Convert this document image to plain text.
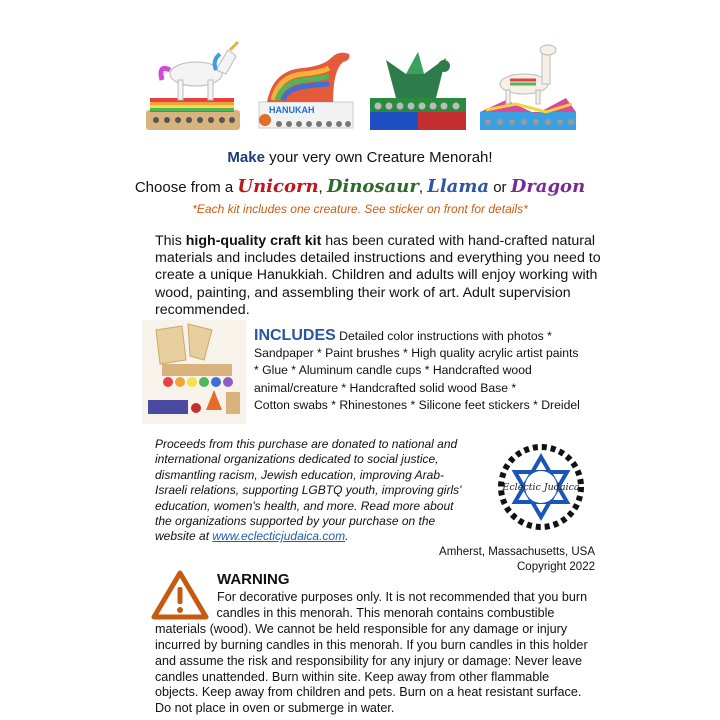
HANUKAH
Make your very own Creature Menorah!
Choose from a Unicorn, Dinosaur, Llama or Dragon
*Each kit includes one creature. See sticker on front for details*

This high-quality craft kit has been curated with hand-crafted natural

materials and includes detailed instructions and everything you need to

create a unique Hanukkiah. Children and adults will enjoy working with

wood, painting, and assembling their work of art. Adult supervision

recommended.

INCLUDES Detailed color instructions with photos *

Sandpaper * Paint brushes * High quality acrylic artist paints

* Glue * Aluminum candle cups * Handcrafted wood

animal/creature * Handcrafted solid wood Base *

Cotton swabs * Rhinestones * Silicone feet stickers * Dreidel

Proceeds from this purchase are donated to national and

international organizations dedicated to social justice,

dismantling racism, Jewish education, improving Arab-

Israeli relations, supporting LGBTQ youth, improving girls'

education, women's health, and more. Read more about

the organizations supported by your purchase on the

website at www.eclecticjudaica.com.

Eclectic Judaica
Amherst, Massachusetts, USA
Copyright 2022
WARNING

For decorative purposes only. It is not recommended that you burn

candles in this menorah. This menorah contains combustible

materials (wood). We cannot be held responsible for any damage or injury

incurred by burning candles in this menorah. If you burn candles in this holder

and assume the risk and responsibility for any injury or damage: Never leave

candles unattended. Burn within site. Keep away from other flammable

objects. Keep away from children and pets. Burn on a heat resistant surface.

Do not place in oven or submerge in water.
